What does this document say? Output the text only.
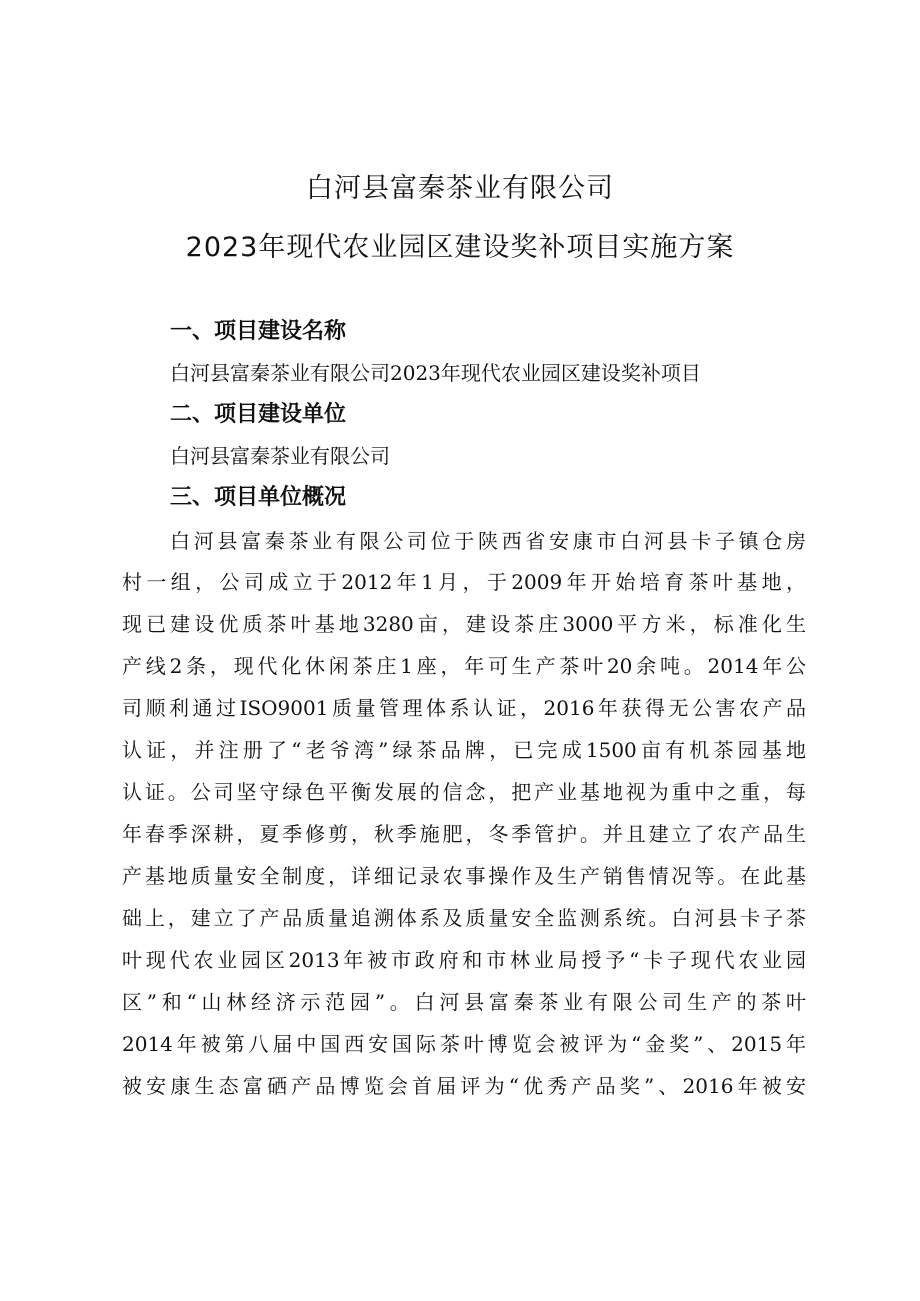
白河县富秦茶业有限公司
2023年现代农业园区建设奖补项目实施方案
一、项目建设名称
白河县富秦茶业有限公司2023年现代农业园区建设奖补项目
二、项目建设单位
白河县富秦茶业有限公司
三、项目单位概况
白河县富秦茶业有限公司位于陕西省安康市白河县卡子镇仓房
村一组，公司成立于2012年1月，于2009年开始培育茶叶基地，
现已建设优质茶叶基地3280亩，建设茶庄3000平方米，标准化生
产线2条，现代化休闲茶庄1座，年可生产茶叶20余吨。2014年公
司顺利通过ISO9001质量管理体系认证，2016年获得无公害农产品
认证，并注册了“老爷湾”绿茶品牌，已完成1500亩有机茶园基地
认证。公司坚守绿色平衡发展的信念，把产业基地视为重中之重，每
年春季深耕，夏季修剪，秋季施肥，冬季管护。并且建立了农产品生
产基地质量安全制度，详细记录农事操作及生产销售情况等。在此基
础上，建立了产品质量追溯体系及质量安全监测系统。白河县卡子茶
叶现代农业园区2013年被市政府和市林业局授予“卡子现代农业园
区”和“山林经济示范园”。白河县富秦茶业有限公司生产的茶叶
2014年被第八届中国西安国际茶叶博览会被评为“金奖”、2015年
被安康生态富硒产品博览会首届评为“优秀产品奖”、2016年被安
